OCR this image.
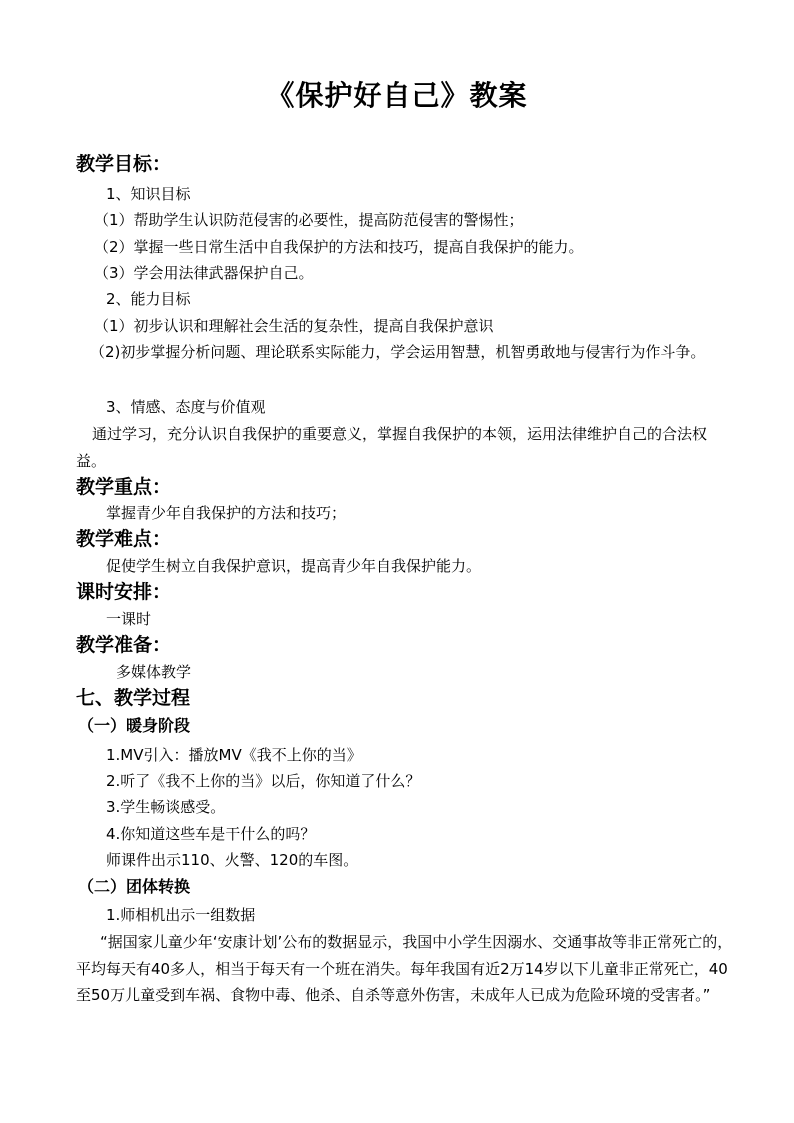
《保护好自己》教案
教学目标：
1、知识目标
（1）帮助学生认识防范侵害的必要性，提高防范侵害的警惕性；
（2）掌握一些日常生活中自我保护的方法和技巧，提高自我保护的能力。
（3）学会用法律武器保护自己。
2、能力目标
（1）初步认识和理解社会生活的复杂性，提高自我保护意识
（2)初步掌握分析问题、理论联系实际能力，学会运用智慧，机智勇敢地与侵害行为作斗争。
3、情感、态度与价值观
通过学习，充分认识自我保护的重要意义，掌握自我保护的本领，运用法律维护自己的合法权益。
教学重点：
掌握青少年自我保护的方法和技巧；
教学难点：
促使学生树立自我保护意识，提高青少年自我保护能力。
课时安排：
一课时
教学准备：
多媒体教学
七、教学过程
（一）暖身阶段
1.MV引入：播放MV《我不上你的当》
2.听了《我不上你的当》以后，你知道了什么？
3.学生畅谈感受。
4.你知道这些车是干什么的吗？
师课件出示110、火警、120的车图。
（二）团体转换
1.师相机出示一组数据
“据国家儿童少年‘安康计划’公布的数据显示，我国中小学生因溺水、交通事故等非正常死亡的，平均每天有40多人，相当于每天有一个班在消失。每年我国有近2万14岁以下儿童非正常死亡，40至50万儿童受到车祸、食物中毒、他杀、自杀等意外伤害，未成年人已成为危险环境的受害者。”
